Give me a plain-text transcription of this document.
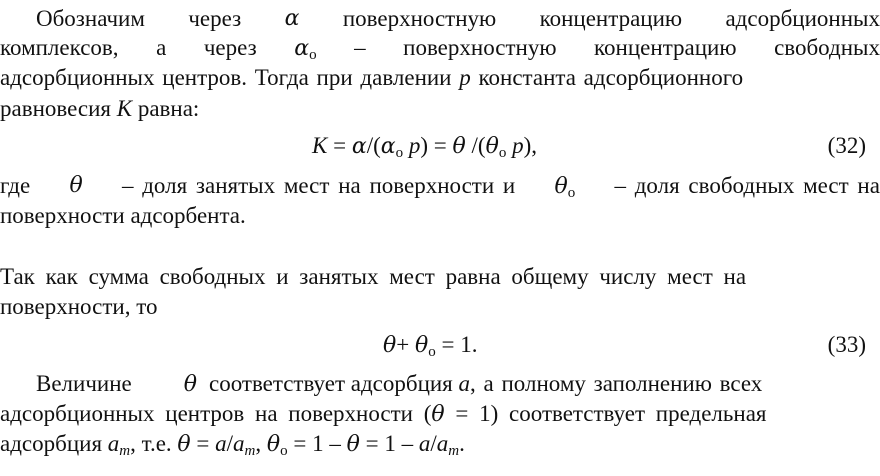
Обозначим через α поверхностную концентрацию адсорбционных
комплексов, а через $\alpha_о$ – поверхностную концентрацию свободных
адсорбционных центров. Тогда при давлении p константа адсорбционного
равновесия K равна:
$K = \alpha/(\alpha_о$ p) = θ $/(\theta_о$ p),	(32)
где θ – доля занятых мест на поверхности и $\theta_о$ – доля свободных мест на
поверхности адсорбента.
Так как сумма свободных и занятых мест равна общему числу мест на
поверхности, то
$\theta+ \theta_о = 1$.	(33)
Величине θ соответствует адсорбция a, а полному заполнению всех
адсорбционных центров на поверхности (θ = 1) соответствует предельная
адсорбция $a_m$, т.е. $\theta = a/a_m$, $\theta_о = 1 - \theta = 1 - a/a_m$.
